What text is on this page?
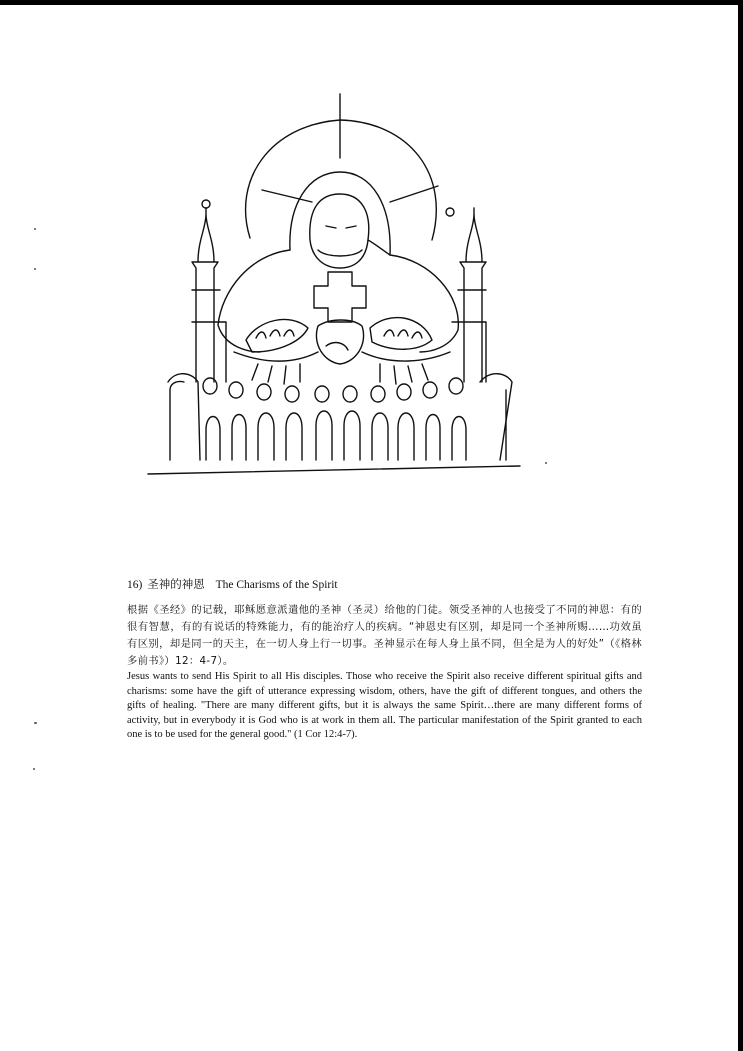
16) 圣神的神恩 The Charisms of the Spirit

根据《圣经》的记载，耶稣愿意派遣他的圣神（圣灵）给他的门徒。领受圣神的人也接受了不同的神恩：有的很有智慧，有的有说话的特殊能力，有的能治疗人的疾病。“神恩史有区别，却是同一个圣神所赐……功效虽有区别，却是同一的天主，在一切人身上行一切事。圣神显示在每人身上虽不同，但全是为人的好处”（《格林多前书》）12：4-7）。

Jesus wants to send His Spirit to all His disciples. Those who receive the Spirit also receive different spiritual gifts and charisms: some have the gift of utterance expressing wisdom, others, have the gift of different tongues, and others the gifts of healing. "There are many different gifts, but it is always the same Spirit…there are many different forms of activity, but in everybody it is God who is at work in them all. The particular manifestation of the Spirit granted to each one is to be used for the general good." (1 Cor 12:4-7).
